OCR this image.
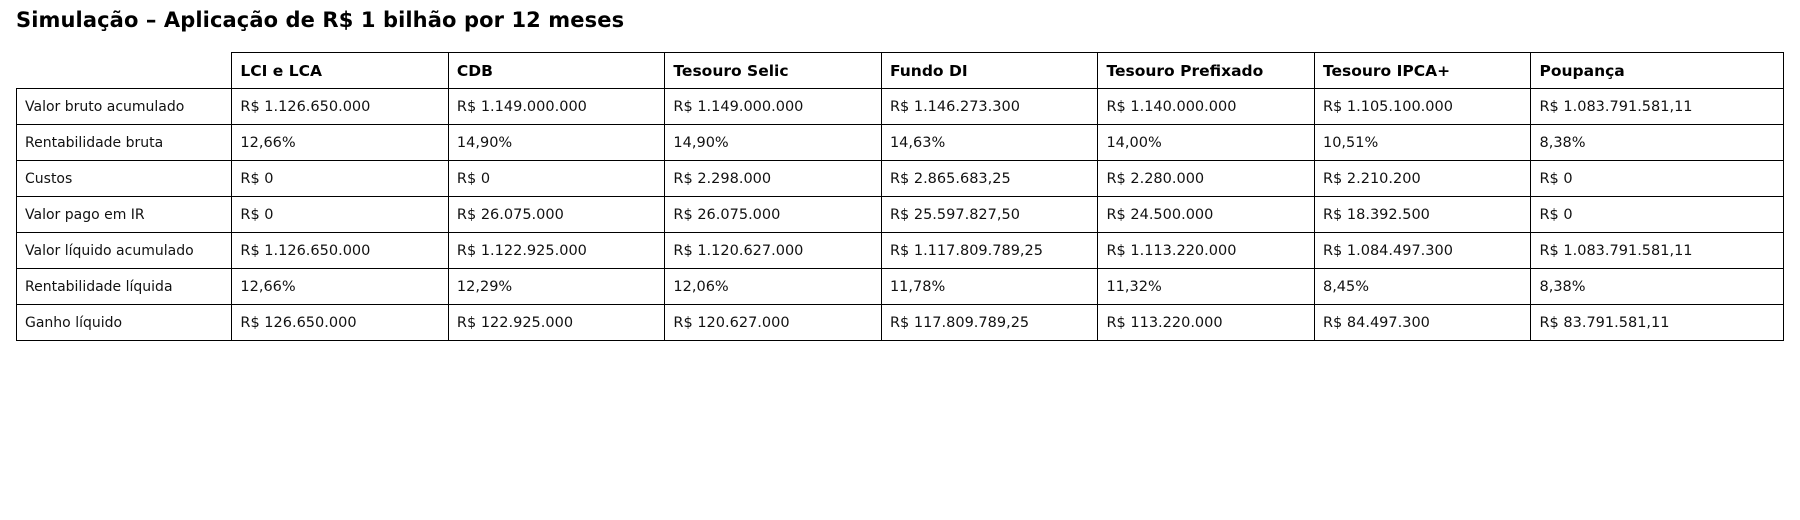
Simulação – Aplicação de R$ 1 bilhão por 12 meses
	LCI e LCA	CDB	Tesouro Selic	Fundo DI	Tesouro Prefixado	Tesouro IPCA+	Poupança
Valor bruto acumulado	R$ 1.126.650.000	R$ 1.149.000.000	R$ 1.149.000.000	R$ 1.146.273.300	R$ 1.140.000.000	R$ 1.105.100.000	R$ 1.083.791.581,11
Rentabilidade bruta	12,66%	14,90%	14,90%	14,63%	14,00%	10,51%	8,38%
Custos	R$ 0	R$ 0	R$ 2.298.000	R$ 2.865.683,25	R$ 2.280.000	R$ 2.210.200	R$ 0
Valor pago em IR	R$ 0	R$ 26.075.000	R$ 26.075.000	R$ 25.597.827,50	R$ 24.500.000	R$ 18.392.500	R$ 0
Valor líquido acumulado	R$ 1.126.650.000	R$ 1.122.925.000	R$ 1.120.627.000	R$ 1.117.809.789,25	R$ 1.113.220.000	R$ 1.084.497.300	R$ 1.083.791.581,11
Rentabilidade líquida	12,66%	12,29%	12,06%	11,78%	11,32%	8,45%	8,38%
Ganho líquido	R$ 126.650.000	R$ 122.925.000	R$ 120.627.000	R$ 117.809.789,25	R$ 113.220.000	R$ 84.497.300	R$ 83.791.581,11
